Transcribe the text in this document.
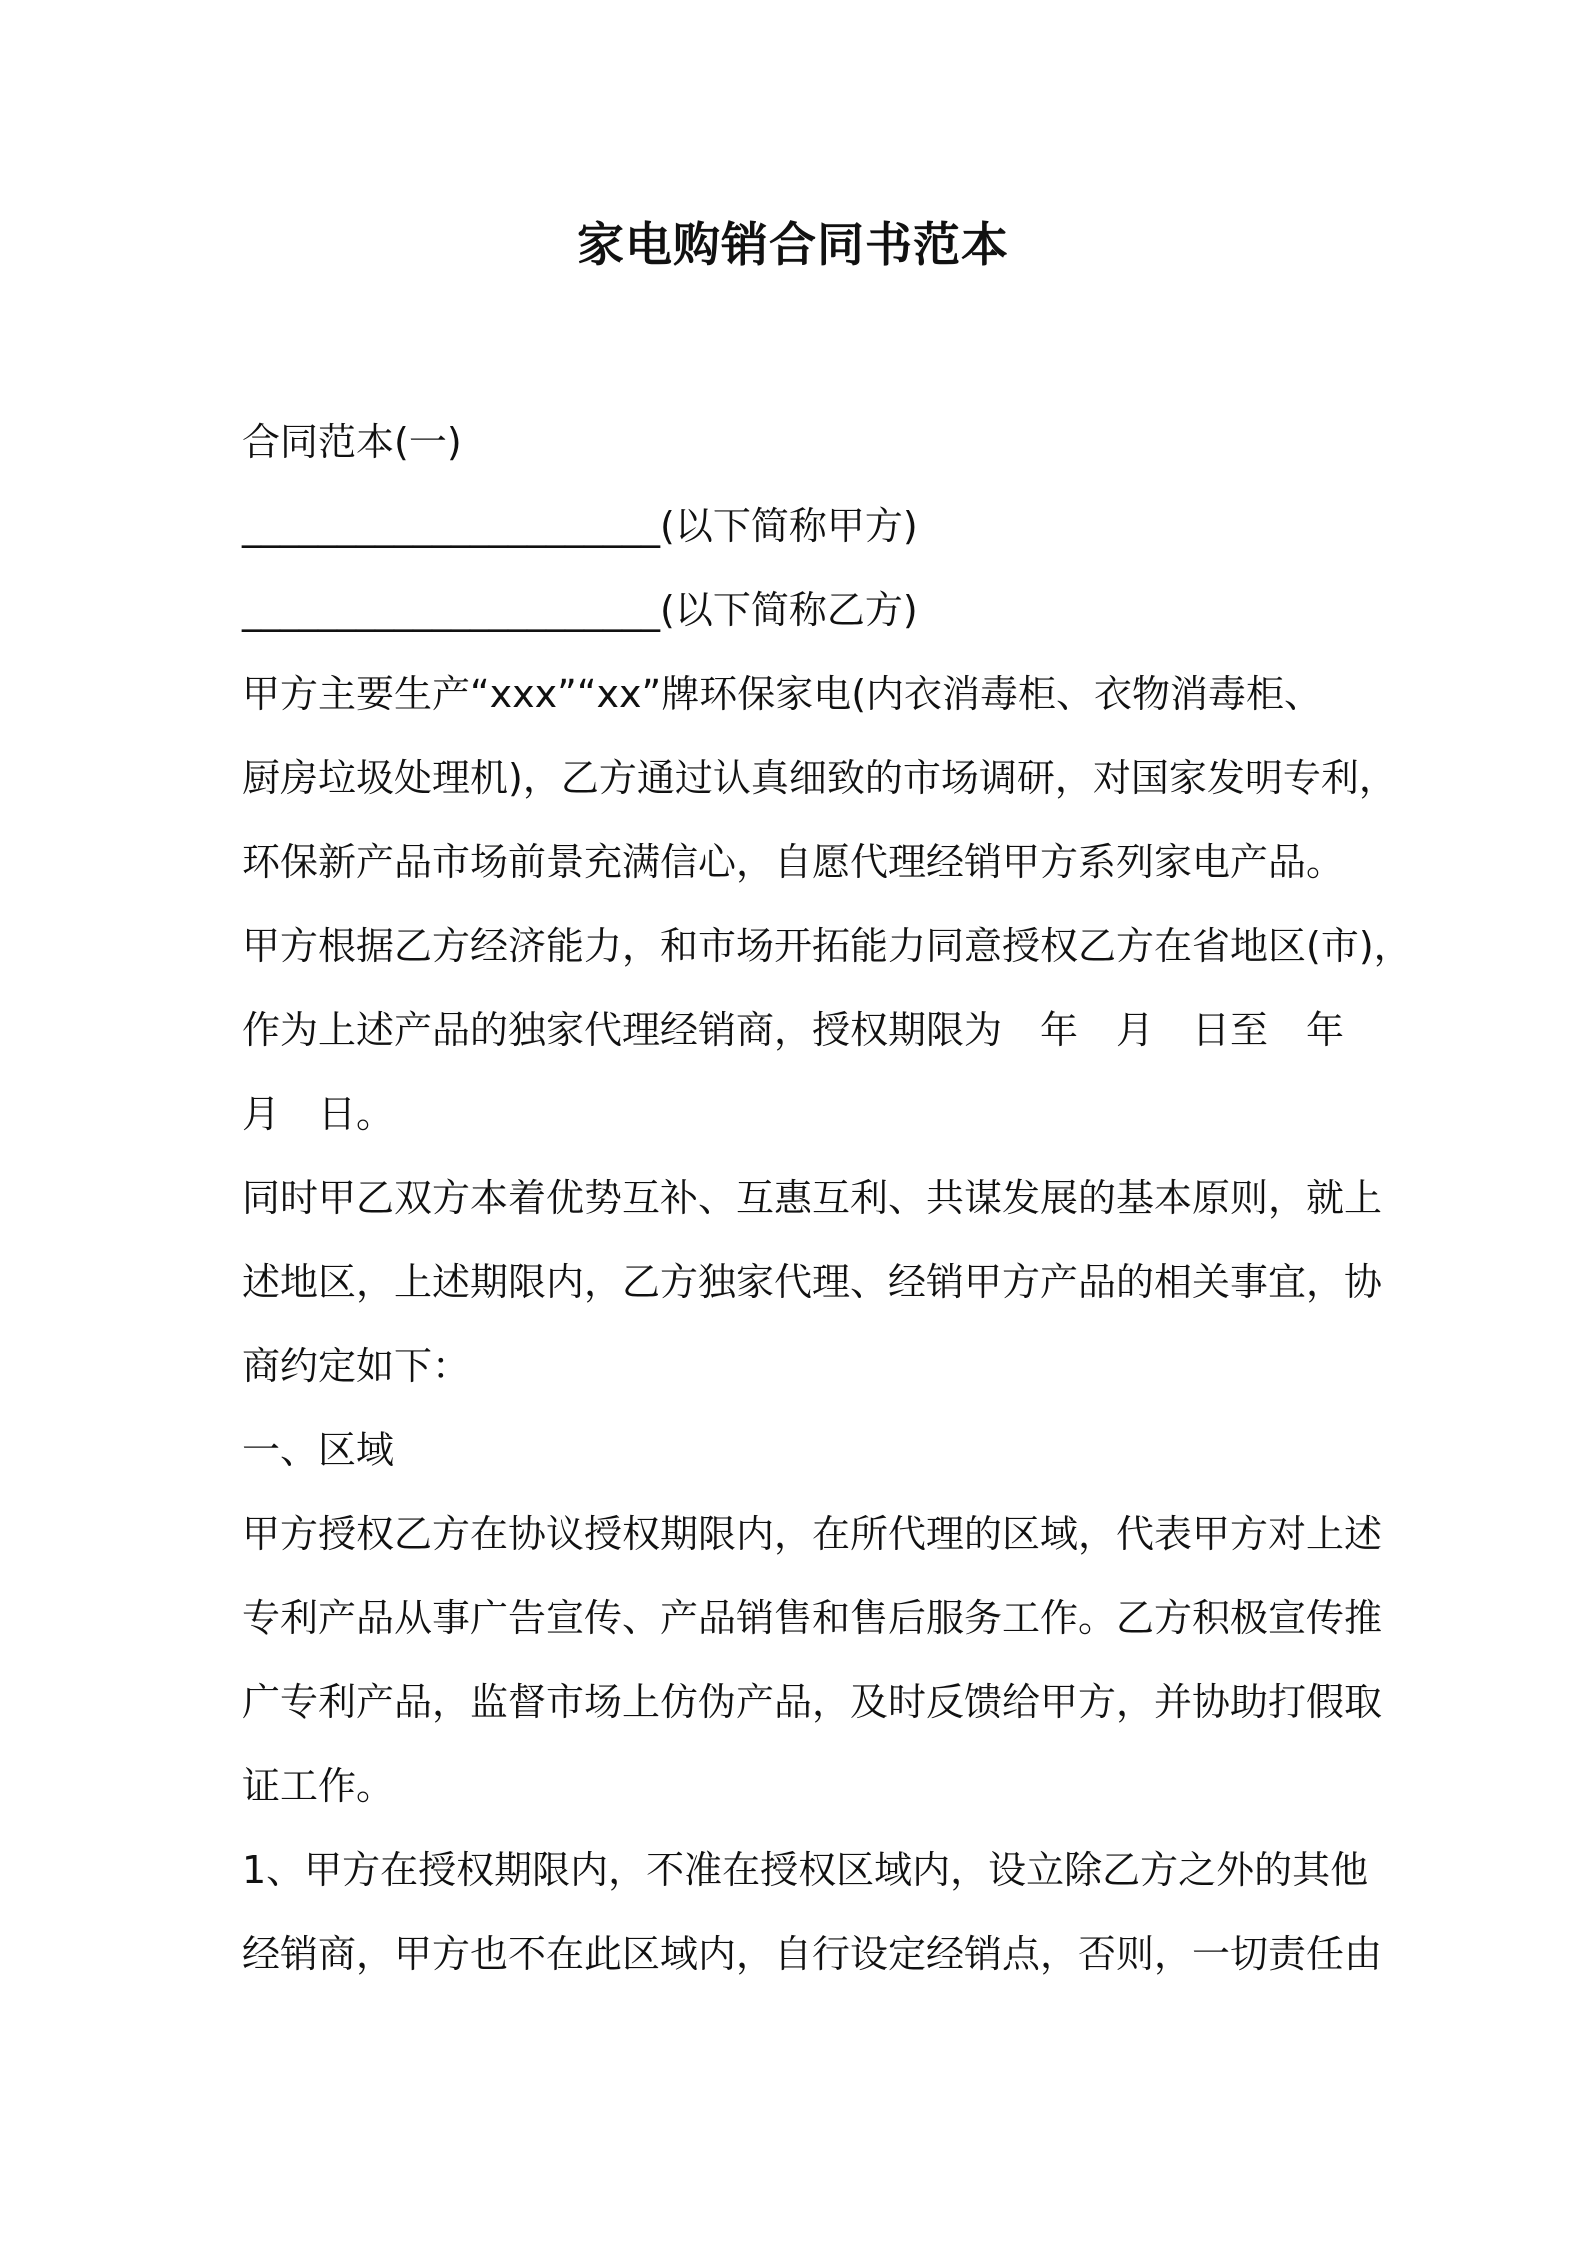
家电购销合同书范本
合同范本(一)
______________________(以下简称甲方)
______________________(以下简称乙方)
甲方主要生产“xxx”“xx”牌环保家电(内衣消毒柜、衣物消毒柜、
厨房垃圾处理机)，乙方通过认真细致的市场调研，对国家发明专利，
环保新产品市场前景充满信心，自愿代理经销甲方系列家电产品。
甲方根据乙方经济能力，和市场开拓能力同意授权乙方在省地区(市)，
作为上述产品的独家代理经销商，授权期限为　年　月　日至　年
月　日。
同时甲乙双方本着优势互补、互惠互利、共谋发展的基本原则，就上
述地区，上述期限内，乙方独家代理、经销甲方产品的相关事宜，协
商约定如下：
一、区域
甲方授权乙方在协议授权期限内，在所代理的区域，代表甲方对上述
专利产品从事广告宣传、产品销售和售后服务工作。乙方积极宣传推
广专利产品，监督市场上仿伪产品，及时反馈给甲方，并协助打假取
证工作。
1、甲方在授权期限内，不准在授权区域内，设立除乙方之外的其他
经销商，甲方也不在此区域内，自行设定经销点，否则，一切责任由
